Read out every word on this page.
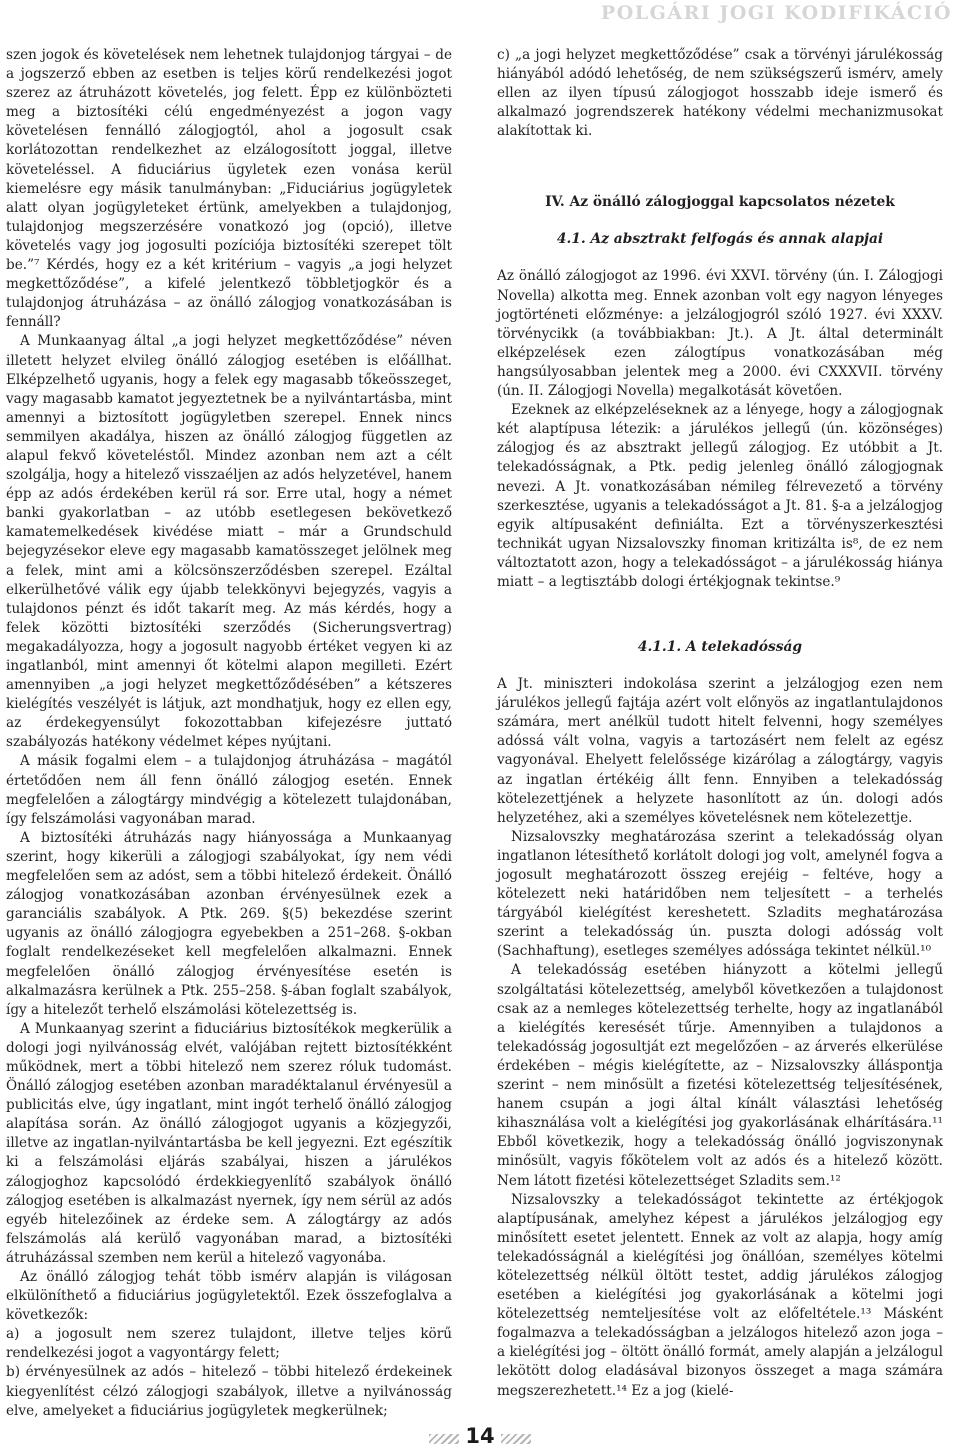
POLGÁRI JOGI KODIFIKÁCIÓ

szen jogok és követelések nem lehetnek tulajdonjog tárgyai – de a jogszerző ebben az esetben is teljes körű rendelkezési jogot szerez az átruházott követelés, jog felett. Épp ez különbözteti meg a biztosítéki célú engedményezést a jogon vagy követelésen fennálló zálogjogtól, ahol a jogosult csak korlátozottan rendelkezhet az elzálogosított joggal, illetve követeléssel. A fiduciárius ügyletek ezen vonása kerül kiemelésre egy másik tanulmányban: „Fiduciárius jogügyletek alatt olyan jogügyleteket értünk, amelyekben a tulajdonjog, tulajdonjog megszerzésére vonatkozó jog (opció), illetve követelés vagy jog jogosulti pozíciója biztosítéki szerepet tölt be.”⁷ Kérdés, hogy ez a két kritérium – vagyis „a jogi helyzet megkettőződése”, a kifelé jelentkező többletjogkör és a tulajdonjog átruházása – az önálló zálogjog vonatkozásában is fennáll?

A Munkaanyag által „a jogi helyzet megkettőződése” néven illetett helyzet elvileg önálló zálogjog esetében is előállhat. Elképzelhető ugyanis, hogy a felek egy magasabb tőkeösszeget, vagy magasabb kamatot jegyeztetnek be a nyilvántartásba, mint amennyi a biztosított jogügyletben szerepel. Ennek nincs semmilyen akadálya, hiszen az önálló zálogjog független az alapul fekvő követeléstől. Mindez azonban nem azt a célt szolgálja, hogy a hitelező visszaéljen az adós helyzetével, hanem épp az adós érdekében kerül rá sor. Erre utal, hogy a német banki gyakorlatban – az utóbb esetlegesen bekövetkező kamatemelkedések kivédése miatt – már a Grundschuld bejegyzésekor eleve egy magasabb kamatösszeget jelölnek meg a felek, mint ami a kölcsönszerződésben szerepel. Ezáltal elkerülhetővé válik egy újabb telekkönyvi bejegyzés, vagyis a tulajdonos pénzt és időt takarít meg. Az más kérdés, hogy a felek közötti biztosítéki szerződés (Sicherungsvertrag) megakadályozza, hogy a jogosult nagyobb értéket vegyen ki az ingatlanból, mint amennyi őt kötelmi alapon megilleti. Ezért amennyiben „a jogi helyzet megkettőződésében” a kétszeres kielégítés veszélyét is látjuk, azt mondhatjuk, hogy ez ellen egy, az érdekegyensúlyt fokozottabban kifejezésre juttató szabályozás hatékony védelmet képes nyújtani.

A másik fogalmi elem – a tulajdonjog átruházása – magától értetődően nem áll fenn önálló zálogjog esetén. Ennek megfelelően a zálogtárgy mindvégig a kötelezett tulajdonában, így felszámolási vagyonában marad.

A biztosítéki átruházás nagy hiányossága a Munkaanyag szerint, hogy kikerüli a zálogjogi szabályokat, így nem védi megfelelően sem az adóst, sem a többi hitelező érdekeit. Önálló zálogjog vonatkozásában azonban érvényesülnek ezek a garanciális szabályok. A Ptk. 269. §(5) bekezdése szerint ugyanis az önálló zálogjogra egyebekben a 251–268. §-okban foglalt rendelkezéseket kell megfelelően alkalmazni. Ennek megfelelően önálló zálogjog érvényesítése esetén is alkalmazásra kerülnek a Ptk. 255–258. §-ában foglalt szabályok, így a hitelezőt terhelő elszámolási kötelezettség is.

A Munkaanyag szerint a fiduciárius biztosítékok megkerülik a dologi jogi nyilvánosság elvét, valójában rejtett biztosítékként működnek, mert a többi hitelező nem szerez róluk tudomást. Önálló zálogjog esetében azonban maradéktalanul érvényesül a publicitás elve, úgy ingatlant, mint ingót terhelő önálló zálogjog alapítása során. Az önálló zálogjogot ugyanis a közjegyzői, illetve az ingatlan-nyilvántartásba be kell jegyezni. Ezt egészítik ki a felszámolási eljárás szabályai, hiszen a járulékos zálogjoghoz kapcsolódó érdekkiegyenlítő szabályok önálló zálogjog esetében is alkalmazást nyernek, így nem sérül az adós egyéb hitelezőinek az érdeke sem. A zálogtárgy az adós felszámolás alá kerülő vagyonában marad, a biztosítéki átruházással szemben nem kerül a hitelező vagyonába.

Az önálló zálogjog tehát több ismérv alapján is világosan elkülöníthető a fiduciárius jogügyletektől. Ezek összefoglalva a következők:

a) a jogosult nem szerez tulajdont, illetve teljes körű rendelkezési jogot a vagyontárgy felett;

b) érvényesülnek az adós – hitelező – többi hitelező érdekeinek kiegyenlítést célzó zálogjogi szabályok, illetve a nyilvánosság elve, amelyeket a fiduciárius jogügyletek megkerülnek;

c) „a jogi helyzet megkettőződése” csak a törvényi járulékosság hiányából adódó lehetőség, de nem szükségszerű ismérv, amely ellen az ilyen típusú zálogjogot hosszabb ideje ismerő és alkalmazó jogrendszerek hatékony védelmi mechanizmusokat alakítottak ki.

IV. Az önálló zálogjoggal kapcsolatos nézetek
4.1. Az absztrakt felfogás és annak alapjai

Az önálló zálogjogot az 1996. évi XXVI. törvény (ún. I. Zálogjogi Novella) alkotta meg. Ennek azonban volt egy nagyon lényeges jogtörténeti előzménye: a jelzálogjogról szóló 1927. évi XXXV. törvénycikk (a továbbiakban: Jt.). A Jt. által determinált elképzelések ezen zálogtípus vonatkozásában még hangsúlyosabban jelentek meg a 2000. évi CXXXVII. törvény (ún. II. Zálogjogi Novella) megalkotását követően.

Ezeknek az elképzeléseknek az a lényege, hogy a zálogjognak két alaptípusa létezik: a járulékos jellegű (ún. közönséges) zálogjog és az absztrakt jellegű zálogjog. Ez utóbbit a Jt. telekadósságnak, a Ptk. pedig jelenleg önálló zálogjognak nevezi. A Jt. vonatkozásában némileg félrevezető a törvény szerkesztése, ugyanis a telekadósságot a Jt. 81. §-a a jelzálogjog egyik altípusaként definiálta. Ezt a törvényszerkesztési technikát ugyan Nizsalovszky finoman kritizálta is⁸, de ez nem változtatott azon, hogy a telekadósságot – a járulékosság hiánya miatt – a legtisztább dologi értékjognak tekintse.⁹

4.1.1. A telekadósság

A Jt. miniszteri indokolása szerint a jelzálogjog ezen nem járulékos jellegű fajtája azért volt előnyös az ingatlantulajdonos számára, mert anélkül tudott hitelt felvenni, hogy személyes adóssá vált volna, vagyis a tartozásért nem felelt az egész vagyonával. Ehelyett felelőssége kizárólag a zálogtárgy, vagyis az ingatlan értékéig állt fenn. Ennyiben a telekadósság kötelezettjének a helyzete hasonlított az ún. dologi adós helyzetéhez, aki a személyes követelésnek nem kötelezettje.

Nizsalovszky meghatározása szerint a telekadósság olyan ingatlanon létesíthető korlátolt dologi jog volt, amelynél fogva a jogosult meghatározott összeg erejéig – feltéve, hogy a kötelezett neki határidőben nem teljesített – a terhelés tárgyából kielégítést kereshetett. Szladits meghatározása szerint a telekadósság ún. puszta dologi adósság volt (Sachhaftung), esetleges személyes adóssága tekintet nélkül.¹⁰

A telekadósság esetében hiányzott a kötelmi jellegű szolgáltatási kötelezettség, amelyből következően a tulajdonost csak az a nemleges kötelezettség terhelte, hogy az ingatlanából a kielégítés keresését tűrje. Amennyiben a tulajdonos a telekadósság jogosultját ezt megelőzően – az árverés elkerülése érdekében – mégis kielégítette, az – Nizsalovszky álláspontja szerint – nem minősült a fizetési kötelezettség teljesítésének, hanem csupán a jogi által kínált választási lehetőség kihasználása volt a kielégítési jog gyakorlásának elhárítására.¹¹ Ebből következik, hogy a telekadósság önálló jogviszonynak minősült, vagyis főkötelem volt az adós és a hitelező között. Nem látott fizetési kötelezettséget Szladits sem.¹²

Nizsalovszky a telekadósságot tekintette az értékjogok alaptípusának, amelyhez képest a járulékos jelzálogjog egy minősített esetet jelentett. Ennek az volt az alapja, hogy amíg telekadósságnál a kielégítési jog önállóan, személyes kötelmi kötelezettség nélkül öltött testet, addig járulékos zálogjog esetében a kielégítési jog gyakorlásának a kötelmi jogi kötelezettség nemteljesítése volt az előfeltétele.¹³ Másként fogalmazva a telekadósságban a jelzálogos hitelező azon joga – a kielégítési jog – öltött önálló formát, amely alapján a jelzálogul lekötött dolog eladásával bizonyos összeget a maga számára megszerezhetett.¹⁴ Ez a jog (kielé-

14
